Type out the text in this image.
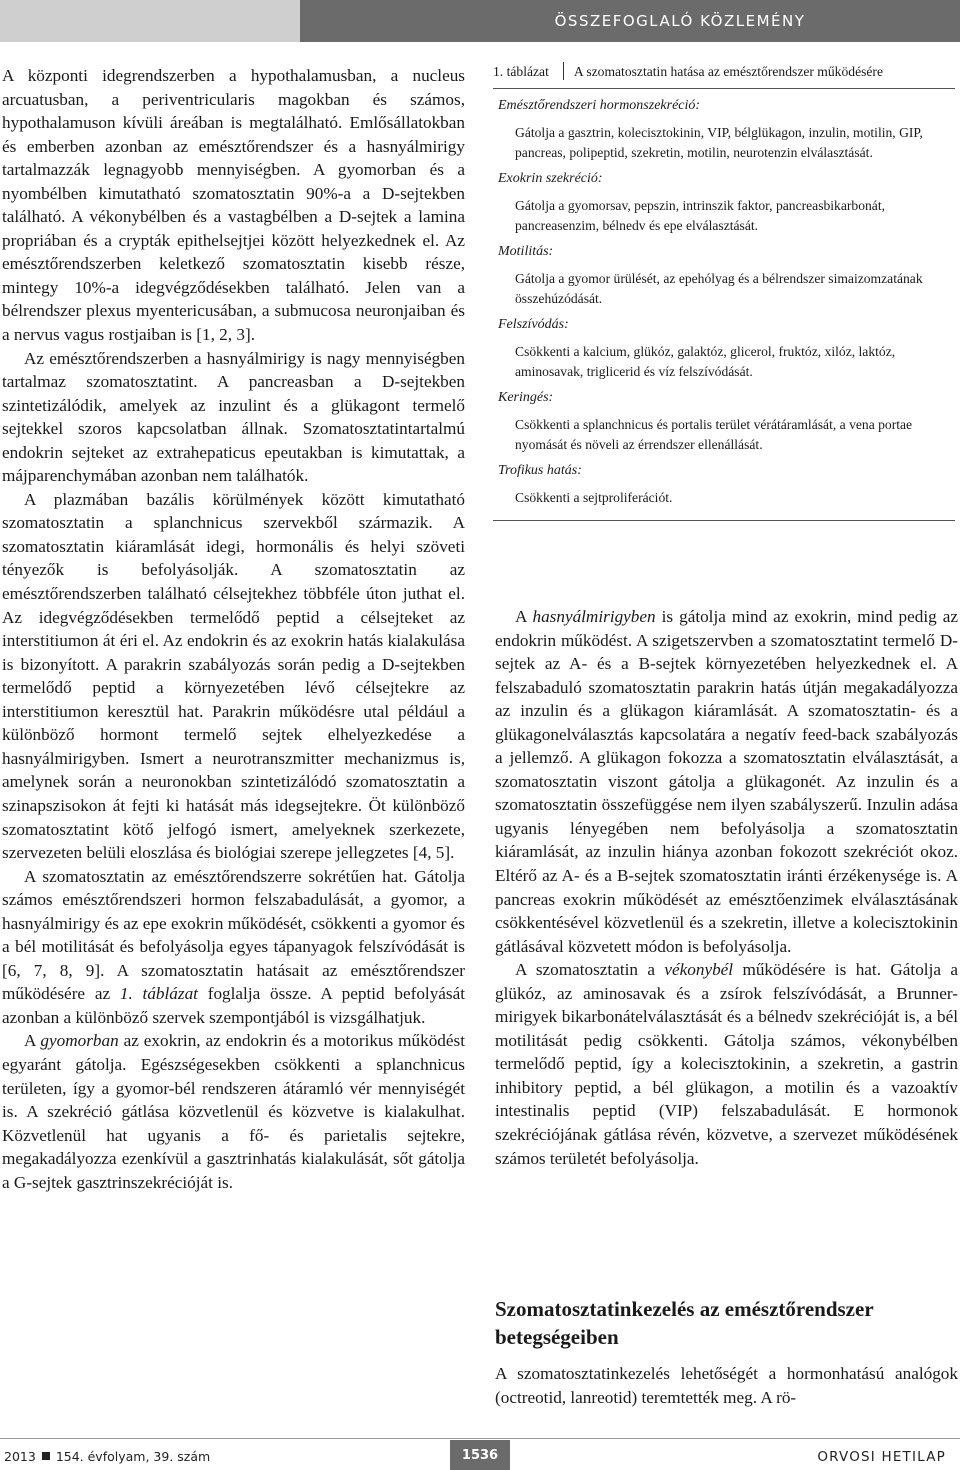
ÖSSZEFOGLALÓ KÖZLEMÉNY

A központi idegrendszerben a hypothalamusban, a nucleus arcuatusban, a periventricularis magokban és számos, hypothalamuson kívüli áreában is megtalálható. Emlősállatokban és emberben azonban az emésztőrendszer és a hasnyálmirigy tartalmazzák legnagyobb mennyiségben. A gyomorban és a nyombélben kimutatható szomatosztatin 90%-a a D-sejtekben található. A vékonybélben és a vastagbélben a D-sejtek a lamina propriában és a crypták epithelsejtjei között helyezkednek el. Az emésztőrendszerben keletkező szomatosztatin kisebb része, mintegy 10%-a idegvégződésekben található. Jelen van a bélrendszer plexus myentericusában, a submucosa neuronjaiban és a nervus vagus rostjaiban is [1, 2, 3].

Az emésztőrendszerben a hasnyálmirigy is nagy mennyiségben tartalmaz szomatosztatint. A pancreasban a D-sejtekben szintetizálódik, amelyek az inzulint és a glükagont termelő sejtekkel szoros kapcsolatban állnak. Szomatosztatintartalmú endokrin sejteket az extrahepaticus epeutakban is kimutattak, a májparenchymában azonban nem találhatók.

A plazmában bazális körülmények között kimutatható szomatosztatin a splanchnicus szervekből származik. A szomatosztatin kiáramlását idegi, hormonális és helyi szöveti tényezők is befolyásolják. A szomatosztatin az emésztőrendszerben található célsejtekhez többféle úton juthat el. Az idegvégződésekben termelődő peptid a célsejteket az interstitiumon át éri el. Az endokrin és az exokrin hatás kialakulása is bizonyított. A parakrin szabályozás során pedig a D-sejtekben termelődő peptid a környezetében lévő célsejtekre az interstitiumon keresztül hat. Parakrin működésre utal például a különböző hormont termelő sejtek elhelyezkedése a hasnyálmirigyben. Ismert a neurotranszmitter mechanizmus is, amelynek során a neuronokban szintetizálódó szomatosztatin a szinapszisokon át fejti ki hatását más idegsejtekre. Öt különböző szomatosztatint kötő jelfogó ismert, amelyeknek szerkezete, szervezeten belüli eloszlása és biológiai szerepe jellegzetes [4, 5].

A szomatosztatin az emésztőrendszerre sokrétűen hat. Gátolja számos emésztőrendszeri hormon felszabadulását, a gyomor, a hasnyálmirigy és az epe exokrin működését, csökkenti a gyomor és a bél motilitását és befolyásolja egyes tápanyagok felszívódását is [6, 7, 8, 9]. A szomatosztatin hatásait az emésztőrendszer működésére az 1. táblázat foglalja össze. A peptid befolyását azonban a különböző szervek szempontjából is vizsgálhatjuk.

A gyomorban az exokrin, az endokrin és a motorikus működést egyaránt gátolja. Egészségesekben csökkenti a splanchnicus területen, így a gyomor-bél rendszeren átáramló vér mennyiségét is. A szekréció gátlása közvetlenül és közvetve is kialakulhat. Közvetlenül hat ugyanis a fő- és parietalis sejtekre, megakadályozza ezenkívül a gasztrinhatás kialakulását, sőt gátolja a G-sejtek gasztrinszekrécióját is.

1. táblázat A szomatosztatin hatása az emésztőrendszer működésére
Emésztőrendszeri hormonszekréció:
Gátolja a gasztrin, kolecisztokinin, VIP, bélglükagon, inzulin, motilin, GIP, pancreas, polipeptid, szekretin, motilin, neurotenzin elválasztását.
Exokrin szekréció:
Gátolja a gyomorsav, pepszin, intrinszik faktor, pancreasbikarbonát, pancreasenzim, bélnedv és epe elválasztását.
Motilitás:
Gátolja a gyomor ürülését, az epehólyag és a bélrendszer simaizomzatának összehúzódását.
Felszívódás:
Csökkenti a kalcium, glükóz, galaktóz, glicerol, fruktóz, xilóz, laktóz, aminosavak, triglicerid és víz felszívódását.
Keringés:
Csökkenti a splanchnicus és portalis terület vérátáramlását, a vena portae nyomását és növeli az érrendszer ellenállását.
Trofikus hatás:
Csökkenti a sejtproliferációt.

A hasnyálmirigyben is gátolja mind az exokrin, mind pedig az endokrin működést. A szigetszervben a szomatosztatint termelő D-sejtek az A- és a B-sejtek környezetében helyezkednek el. A felszabaduló szomatosztatin parakrin hatás útján megakadályozza az inzulin és a glükagon kiáramlását. A szomatosztatin- és a glükagonelválasztás kapcsolatára a negatív feed-back szabályozás a jellemző. A glükagon fokozza a szomatosztatin elválasztását, a szomatosztatin viszont gátolja a glükagonét. Az inzulin és a szomatosztatin összefüggése nem ilyen szabályszerű. Inzulin adása ugyanis lényegében nem befolyásolja a szomatosztatin kiáramlását, az inzulin hiánya azonban fokozott szekréciót okoz. Eltérő az A- és a B-sejtek szomatosztatin iránti érzékenysége is. A pancreas exokrin működését az emésztőenzimek elválasztásának csökkentésével közvetlenül és a szekretin, illetve a kolecisztokinin gátlásával közvetett módon is befolyásolja.

A szomatosztatin a vékonybél működésére is hat. Gátolja a glükóz, az aminosavak és a zsírok felszívódását, a Brunner-mirigyek bikarbonátelválasztását és a bélnedv szekrécióját is, a bél motilitását pedig csökkenti. Gátolja számos, vékonybélben termelődő peptid, így a kolecisztokinin, a szekretin, a gastrin inhibitory peptid, a bél glükagon, a motilin és a vazoaktív intestinalis peptid (VIP) felszabadulását. E hormonok szekréciójának gátlása révén, közvetve, a szervezet működésének számos területét befolyásolja.

Szomatosztatinkezelés az emésztőrendszer betegségeiben

A szomatosztatinkezelés lehetőségét a hormonhatású analógok (octreotid, lanreotid) teremtették meg. A rö-

2013 154. évfolyam, 39. szám	1536	ORVOSI HETILAP
